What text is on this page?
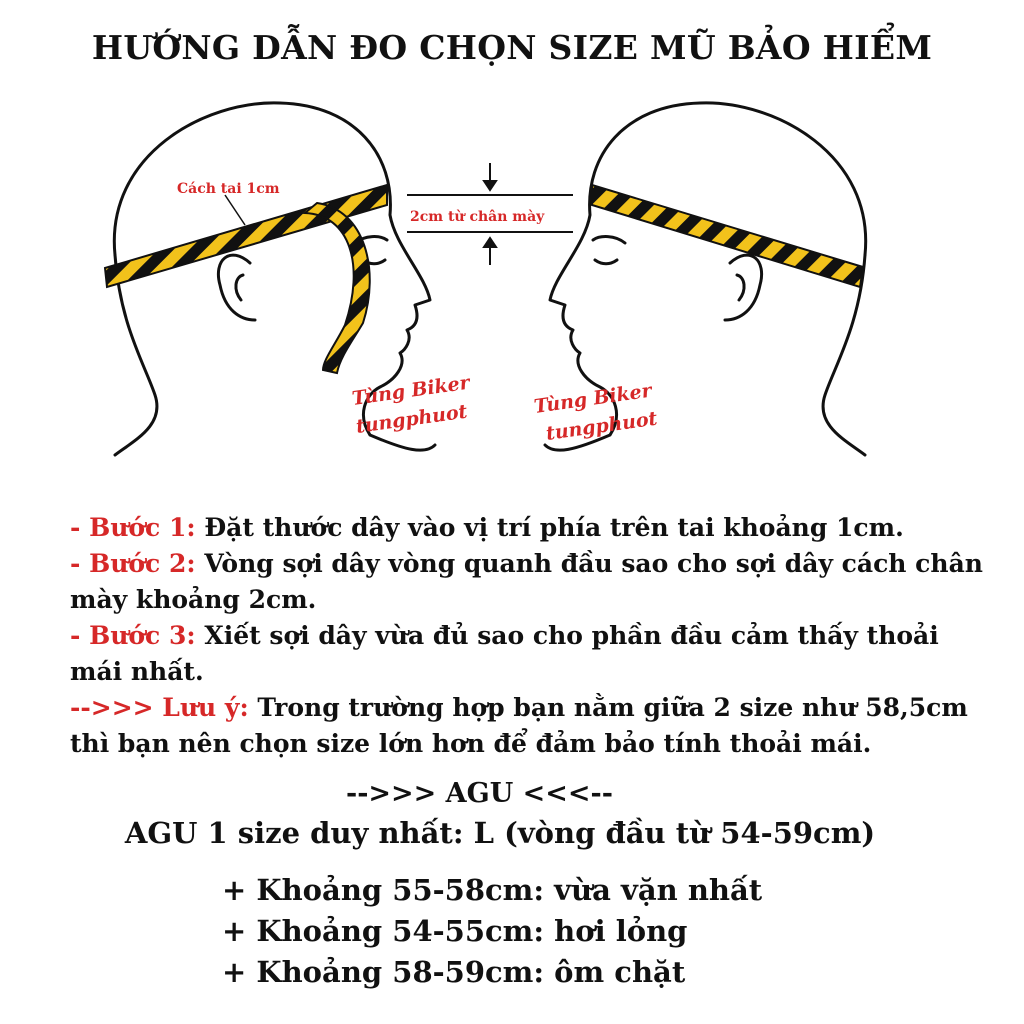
HƯỚNG DẪN ĐO CHỌN SIZE MŨ BẢO HIỂM
Cách tai 1cm
2cm từ chân mày
Tùng Biker
tungphuot
Tùng Biker
tungphuot

- Bước 1: Đặt thước dây vào vị trí phía trên tai khoảng 1cm.

- Bước 2: Vòng sợi dây vòng quanh đầu sao cho sợi dây cách chân mày khoảng 2cm.

- Bước 3: Xiết sợi dây vừa đủ sao cho phần đầu cảm thấy thoải mái nhất.

-->>> Lưu ý: Trong trường hợp bạn nằm giữa 2 size như 58,5cm thì bạn nên chọn size lớn hơn để đảm bảo tính thoải mái.

-->>> AGU <<<--
AGU 1 size duy nhất: L (vòng đầu từ 54-59cm)
+ Khoảng 55-58cm: vừa vặn nhất
+ Khoảng 54-55cm: hơi lỏng
+ Khoảng 58-59cm: ôm chặt
